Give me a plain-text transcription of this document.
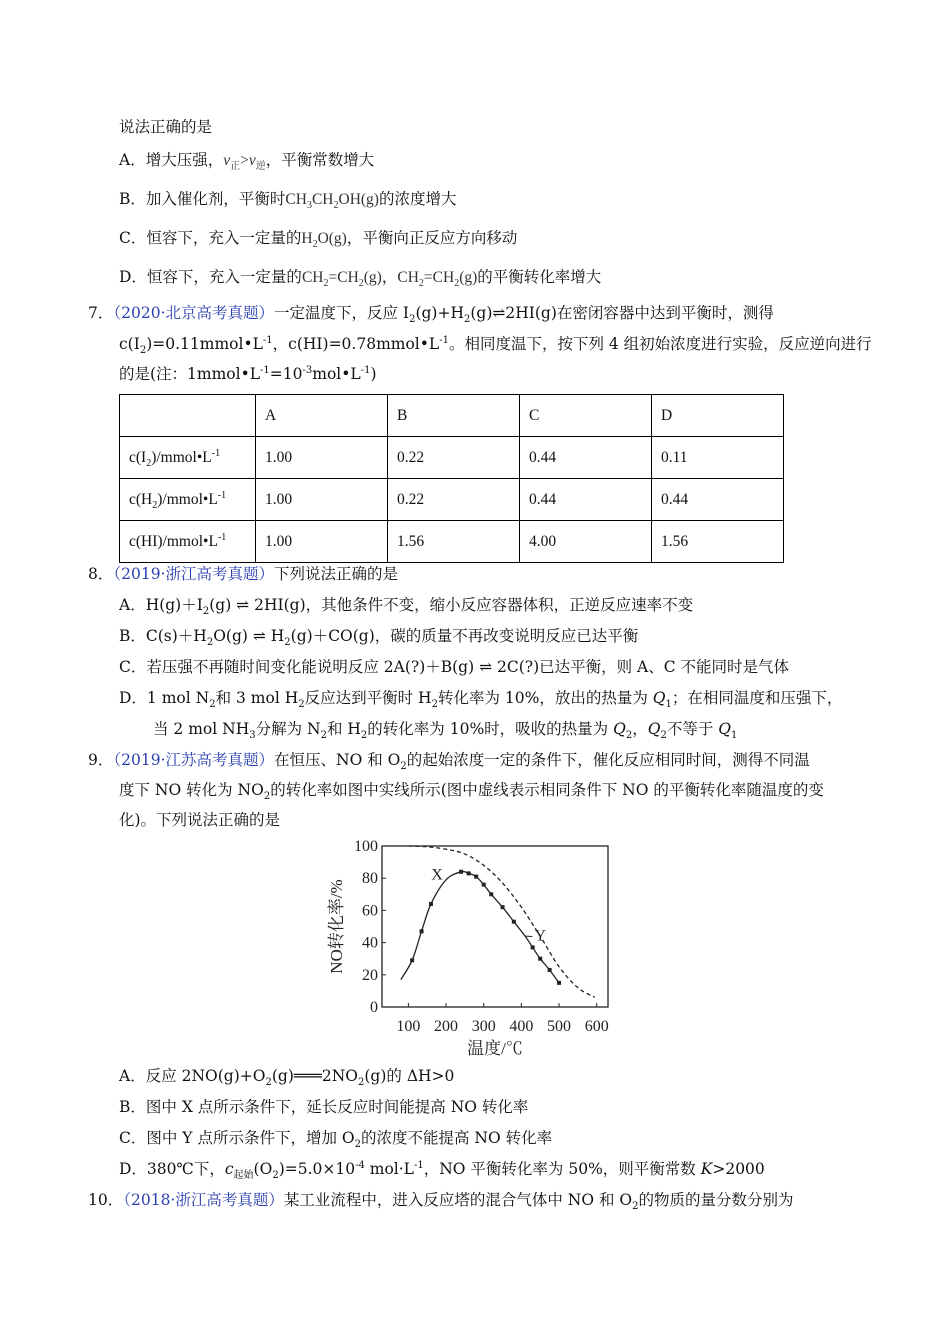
说法正确的是
A．增大压强，$v_正>v_逆$，平衡常数增大
B．加入催化剂，平衡时$CH_3CH_2OH(g)$的浓度增大
C．恒容下，充入一定量的$H_2O(g)$，平衡向正反应方向移动
D．恒容下，充入一定量的$CH_2=CH_2(g)$，$CH_2=CH_2(g)$的平衡转化率增大
7．（2020·北京高考真题）一定温度下，反应 $I_2(g)+H_2(g)\rightleftharpoons 2HI(g)$在密闭容器中达到平衡时，测得
$c(I_2)=0.11mmol•L^{-1}$，$c(HI)=0.78mmol•L^{-1}$。相同度温下，按下列 4 组初始浓度进行实验，反应逆向进行
的是(注：$1mmol•L^{-1}=10^{-3}mol•L^{-1}$)
	A	B	C	D
$c(I_2)/mmol•L^{-1}$	1.00	0.22	0.44	0.11
$c(H_2)/mmol•L^{-1}$	1.00	0.22	0.44	0.44
$c(HI)/mmol•L^{-1}$	1.00	1.56	4.00	1.56
8．（2019·浙江高考真题）下列说法正确的是
A．$H(g)+I_2(g)$ ⇌ 2HI(g)，其他条件不变，缩小反应容器体积，正逆反应速率不变
B．$C(s)+H_2O(g)$ ⇌ $H_2(g)+CO(g)$，碳的质量不再改变说明反应已达平衡
C．若压强不再随时间变化能说明反应 2A(?)＋B(g) ⇌ 2C(?)已达平衡，则 A、C 不能同时是气体
D．1 mol $N_2$和 3 mol $H_2$反应达到平衡时 $H_2$转化率为 10%，放出的热量为 $Q_1$；在相同温度和压强下，
当 2 mol $NH_3$分解为 $N_2$和 $H_2$的转化率为 10%时，吸收的热量为 $Q_2$，$Q_2$不等于 $Q_1$
9．（2019·江苏高考真题）在恒压、NO 和 $O_2$的起始浓度一定的条件下，催化反应相同时间，测得不同温
度下 NO 转化为 $NO_2$的转化率如图中实线所示(图中虚线表示相同条件下 NO 的平衡转化率随温度的变
化)。下列说法正确的是
100 200 300 400 500 600
0
20
40
60
80
100
X
Y
温度/℃
NO转化率/%
A．反应 $2NO(g)+O_2(g)═══2NO_2(g)$的 ΔH>0
B．图中 X 点所示条件下，延长反应时间能提高 NO 转化率
C．图中 Y 点所示条件下，增加 $O_2$的浓度不能提高 NO 转化率
D．380℃下，$c_{起始}(O_2)=5.0\times 10^{-4}$ $mol\cdot L^{-1}$，NO 平衡转化率为 50%，则平衡常数 K>2000
10．（2018·浙江高考真题）某工业流程中，进入反应塔的混合气体中 NO 和 $O_2$的物质的量分数分别为
